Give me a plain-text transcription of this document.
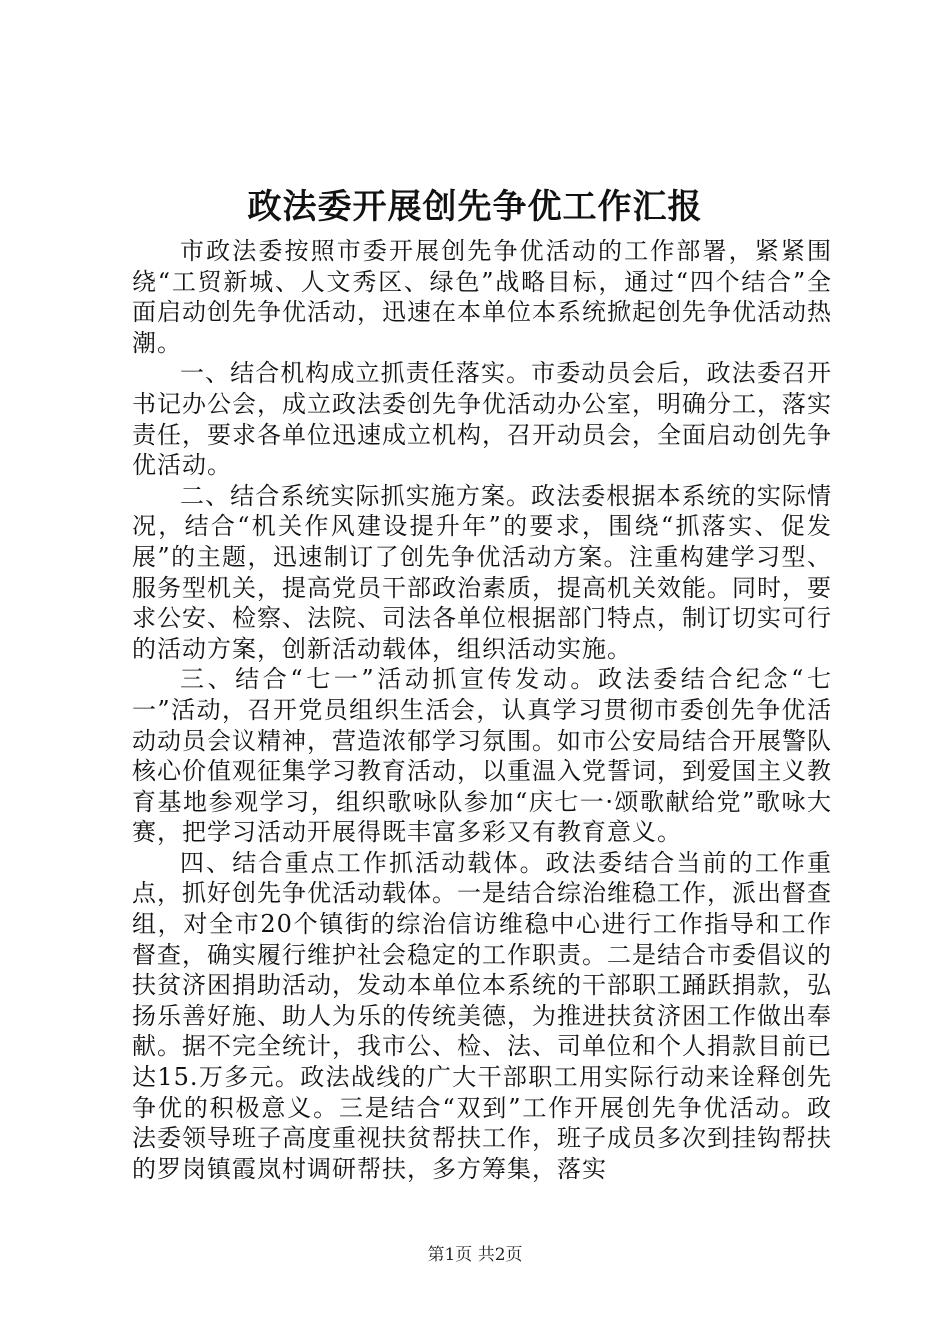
政法委开展创先争优工作汇报

市政法委按照市委开展创先争优活动的工作部署，紧紧围绕“工贸新城、人文秀区、绿色”战略目标，通过“四个结合”全面启动创先争优活动，迅速在本单位本系统掀起创先争优活动热潮。

一、结合机构成立抓责任落实。市委动员会后，政法委召开书记办公会，成立政法委创先争优活动办公室，明确分工，落实责任，要求各单位迅速成立机构，召开动员会，全面启动创先争优活动。

二、结合系统实际抓实施方案。政法委根据本系统的实际情况，结合“机关作风建设提升年”的要求，围绕“抓落实、促发展”的主题，迅速制订了创先争优活动方案。注重构建学习型、服务型机关，提高党员干部政治素质，提高机关效能。同时，要求公安、检察、法院、司法各单位根据部门特点，制订切实可行的活动方案，创新活动载体，组织活动实施。

三、结合“七一”活动抓宣传发动。政法委结合纪念“七一”活动，召开党员组织生活会，认真学习贯彻市委创先争优活动动员会议精神，营造浓郁学习氛围。如市公安局结合开展警队核心价值观征集学习教育活动，以重温入党誓词，到爱国主义教育基地参观学习，组织歌咏队参加“庆七一·颂歌献给党”歌咏大赛，把学习活动开展得既丰富多彩又有教育意义。

四、结合重点工作抓活动载体。政法委结合当前的工作重点，抓好创先争优活动载体。一是结合综治维稳工作，派出督查组，对全市20个镇街的综治信访维稳中心进行工作指导和工作督查，确实履行维护社会稳定的工作职责。二是结合市委倡议的扶贫济困捐助活动，发动本单位本系统的干部职工踊跃捐款，弘扬乐善好施、助人为乐的传统美德，为推进扶贫济困工作做出奉献。据不完全统计，我市公、检、法、司单位和个人捐款目前已达15.万多元。政法战线的广大干部职工用实际行动来诠释创先争优的积极意义。三是结合“双到”工作开展创先争优活动。政法委领导班子高度重视扶贫帮扶工作，班子成员多次到挂钩帮扶的罗岗镇霞岚村调研帮扶，多方筹集，落实

第1页 共2页
